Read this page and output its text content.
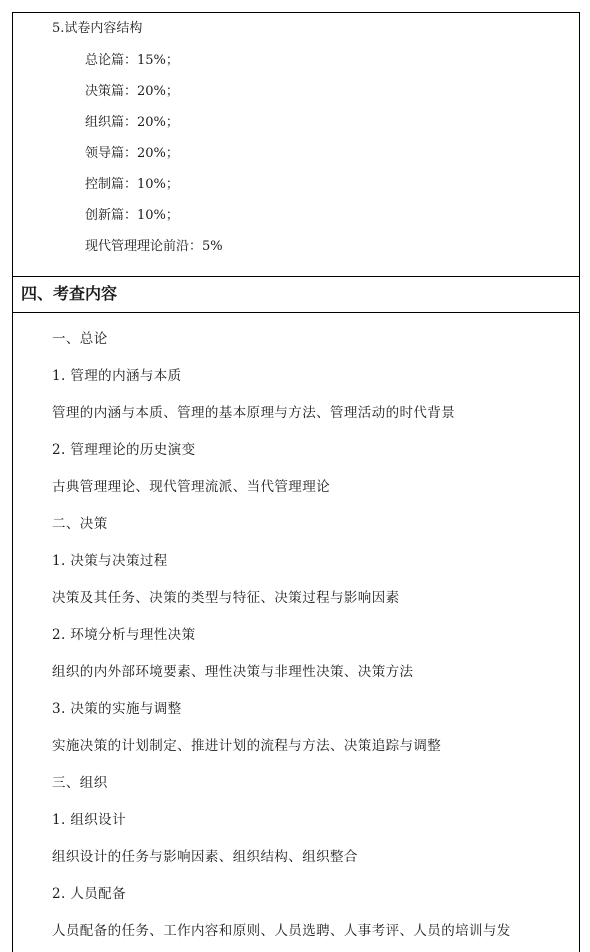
5.试卷内容结构
总论篇：15%；
决策篇：20%；
组织篇：20%；
领导篇：20%；
控制篇：10%；
创新篇：10%；
现代管理理论前沿：5%
四、考查内容
一、总论
1. 管理的内涵与本质
管理的内涵与本质、管理的基本原理与方法、管理活动的时代背景
2. 管理理论的历史演变
古典管理理论、现代管理流派、当代管理理论
二、决策
1. 决策与决策过程
决策及其任务、决策的类型与特征、决策过程与影响因素
2. 环境分析与理性决策
组织的内外部环境要素、理性决策与非理性决策、决策方法
3. 决策的实施与调整
实施决策的计划制定、推进计划的流程与方法、决策追踪与调整
三、组织
1. 组织设计
组织设计的任务与影响因素、组织结构、组织整合
2. 人员配备
人员配备的任务、工作内容和原则、人员选聘、人事考评、人员的培训与发
